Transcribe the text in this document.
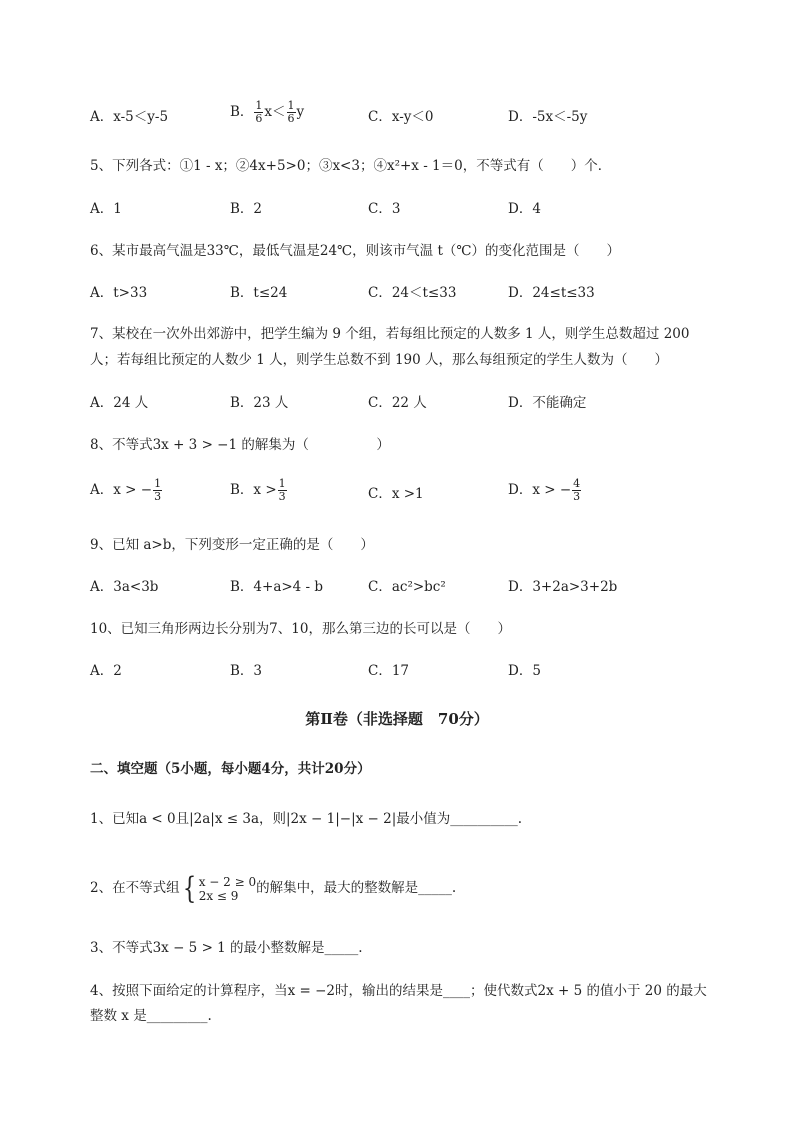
A．x-5＜y-5	B． $\frac{1}{6} x< \frac{1}{6}$ y	C．x-y＜0	D．-5x＜-5y
5、下列各式：①1 - x；②4x+5>0；③x<3；④x²+x - 1＝0，不等式有（　　）个．
A．1	B．2	C．3	D．4
6、某市最高气温是33℃，最低气温是24℃，则该市气温 t（℃）的变化范围是（　　）
A．t>33	B．t≤24	C．24＜t≤33	D．24≤t≤33
7、某校在一次外出郊游中，把学生编为 9 个组，若每组比预定的人数多 1 人，则学生总数超过 200
人；若每组比预定的人数少 1 人，则学生总数不到 190 人，那么每组预定的学生人数为（　　）
A．24 人	B．23 人	C．22 人	D．不能确定
8、不等式3x + 3 > −1 的解集为（　　　　　）
A．x > − $\frac{1}{3}$	B．$x > \frac{1}{3}$	C．x >1	D．x > − $\frac{4}{3}$
9、已知 a>b，下列变形一定正确的是（　　）
A．3a<3b	B．4+a>4 - b	C．ac²>bc²	D．3+2a>3+2b
10、已知三角形两边长分别为7、10，那么第三边的长可以是（　　）
A．2	B．3	C．17	D．5
第Ⅱ卷（非选择题　70分）
二、填空题（5小题，每小题4分，共计20分）
1、已知a < 0且|2a|x ≤ 3a，则|2x − 1|−|x − 2|最小值为__________.
2、在不等式组 { x − 2 ≥ 0
2x ≤ 9	的解集中，最大的整数解是_____.
3、不等式3x − 5 > 1 的最小整数解是_____.
4、按照下面给定的计算程序，当x = −2时，输出的结果是____；使代数式2x + 5 的值小于 20 的最大
整数 x 是_________.
